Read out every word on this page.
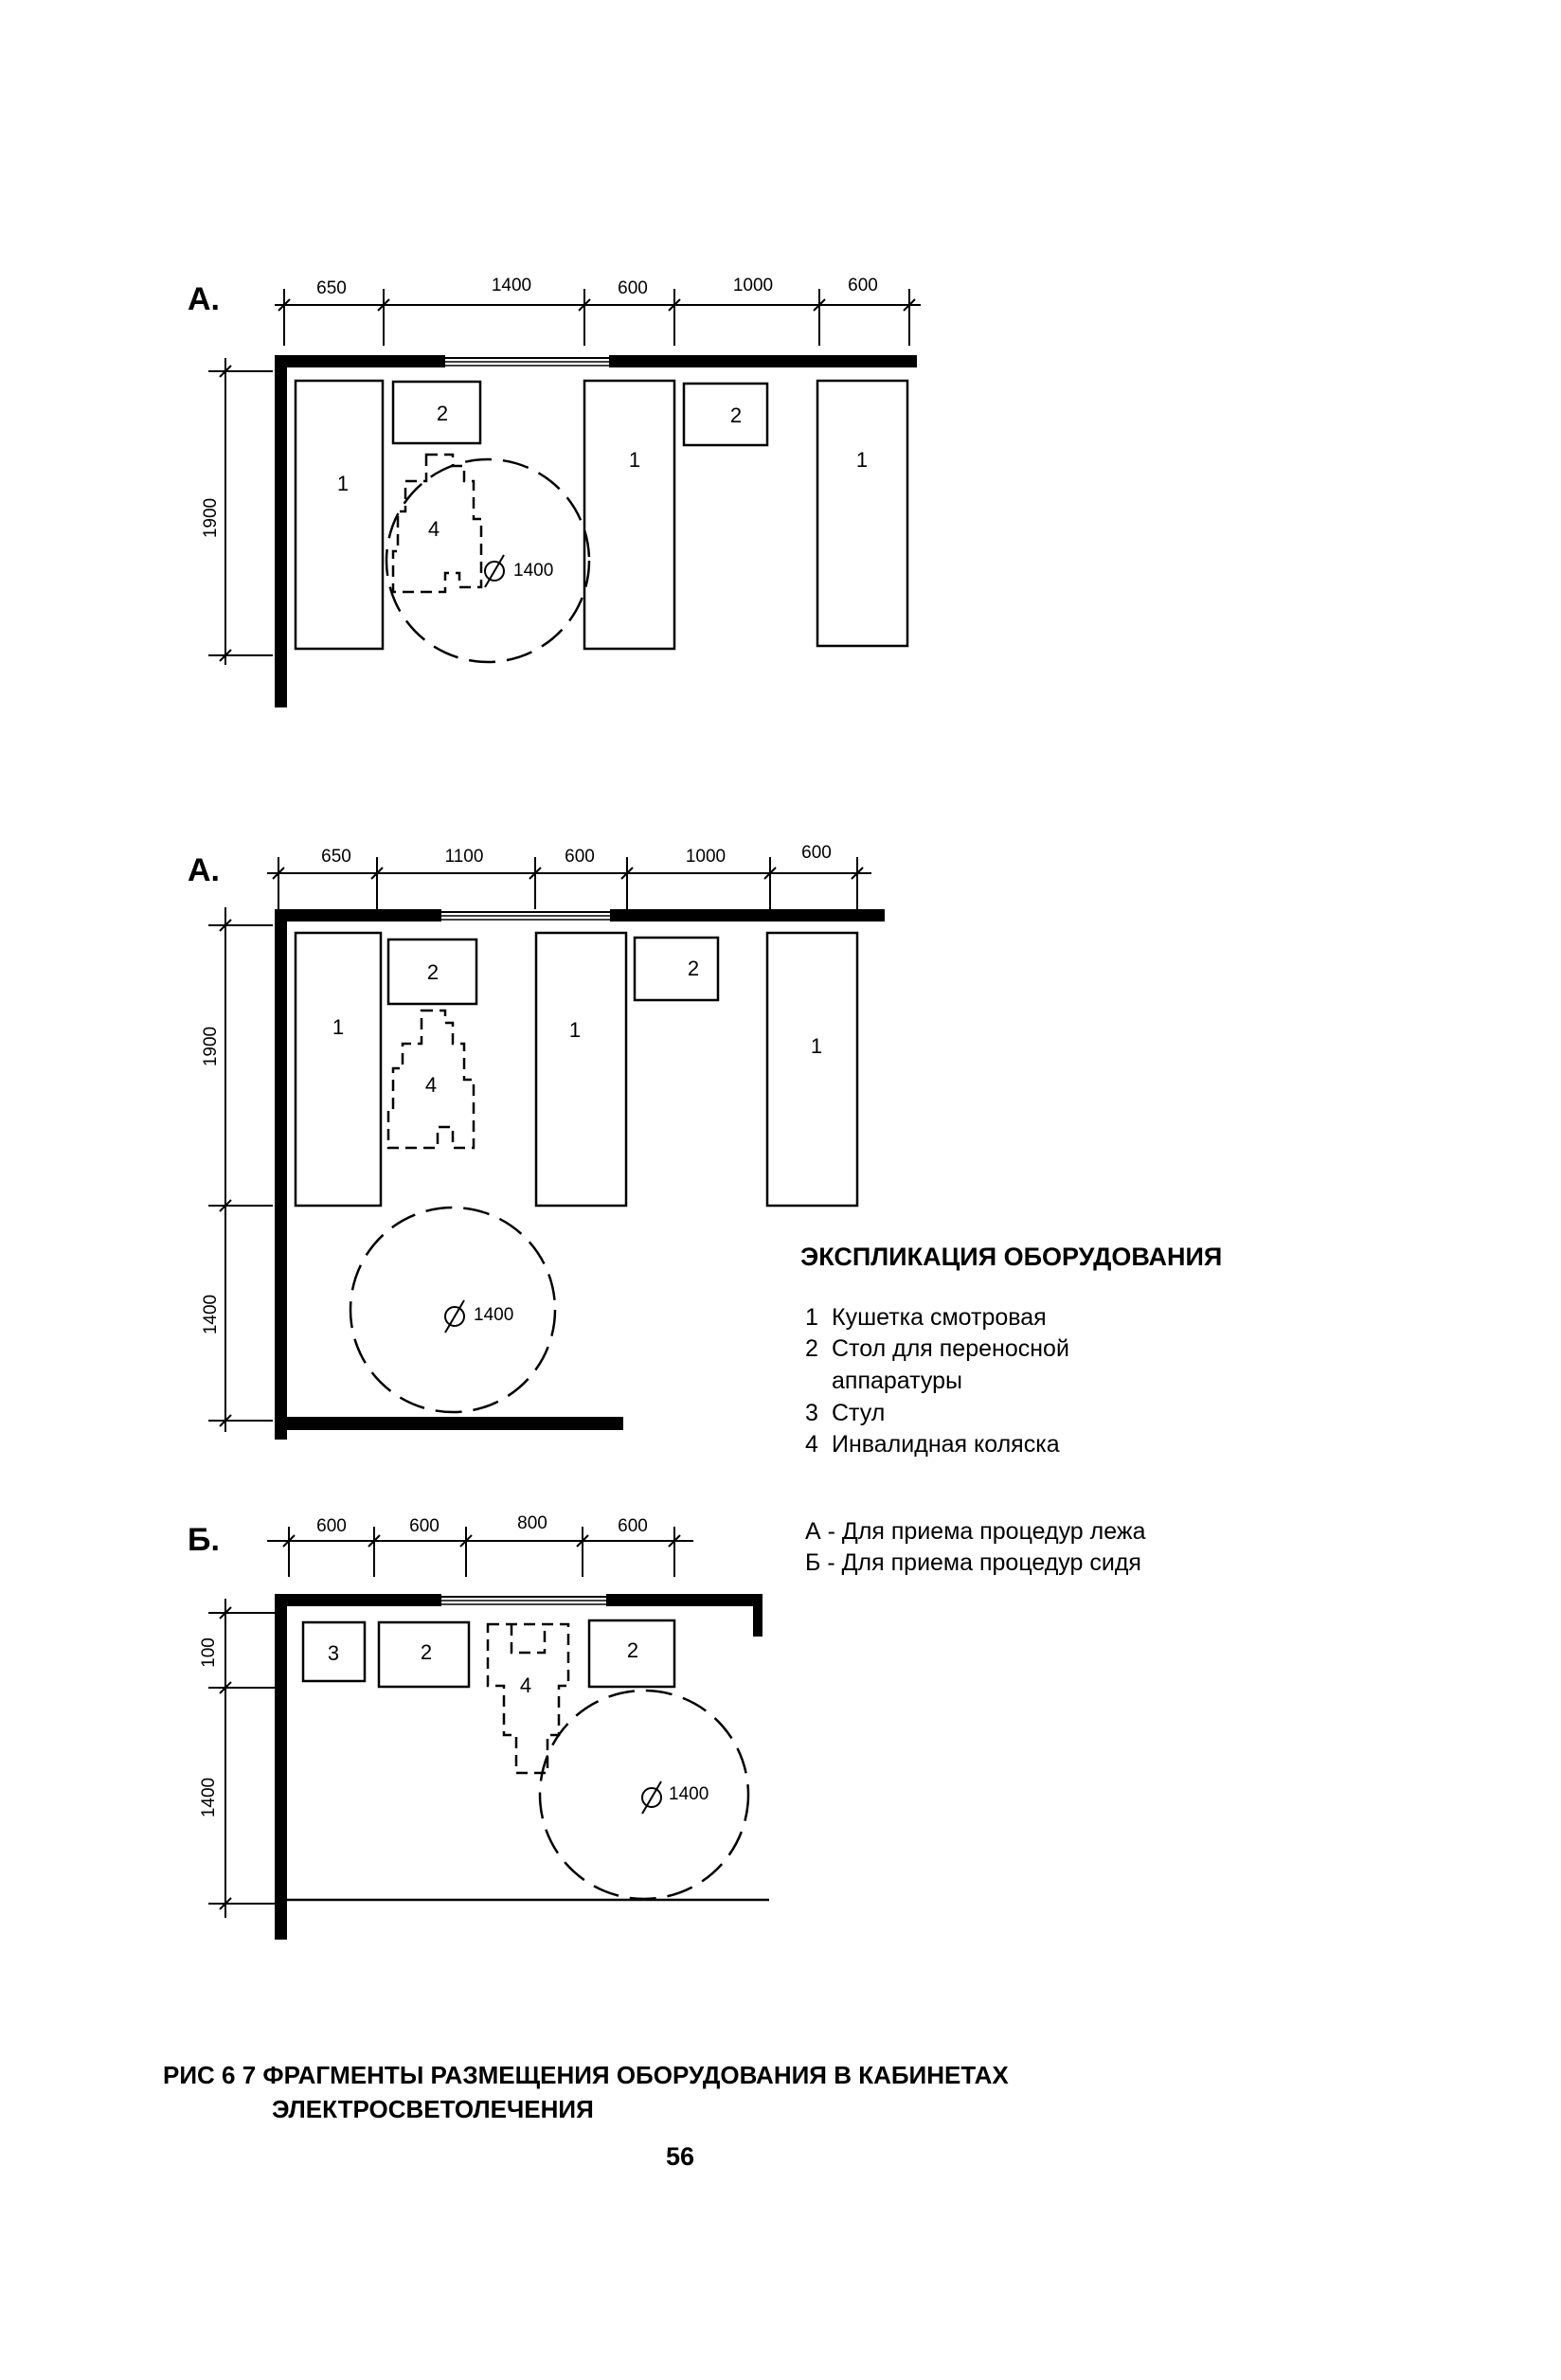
А.	650	1400	600	1000	600
1900
2	2
1
1	1
4
1400
А.	650	1100	600	1000	600
1900
1400
2	2
1	1
1
4
1400
ЭКСПЛИКАЦИЯ ОБОРУДОВАНИЯ
1 Кушетка смотровая
2 Стол для переносной
аппаратуры
3 Стул
4 Инвалидная коляска
А - Для приема процедур лежа
Б - Для приема процедур сидя
Б.	600	600	800	600
100
1400
3	2	2
4
1400
РИС 6 7 ФРАГМЕНТЫ РАЗМЕЩЕНИЯ ОБОРУДОВАНИЯ В КАБИНЕТАХ
ЭЛЕКТРОСВЕТОЛЕЧЕНИЯ
56
